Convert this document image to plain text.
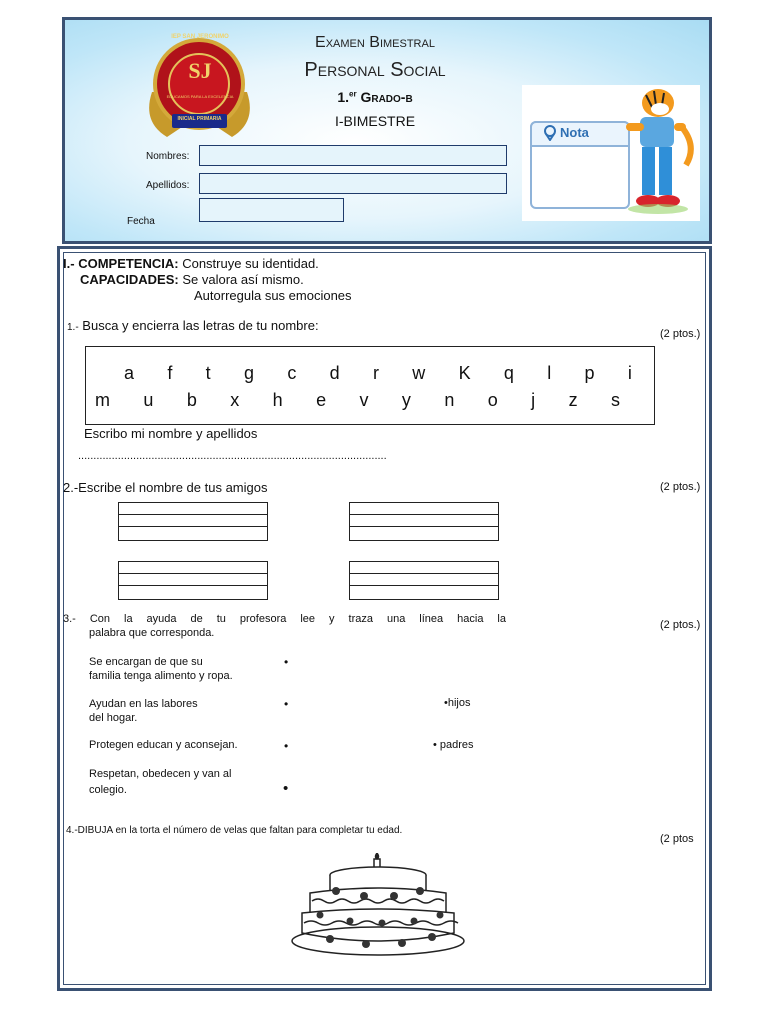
SJ
IEP SAN JERONIMO
EDUCAMOS PARA LA EXCELENCIA
INICIAL PRIMARIA
Examen Bimestral
Personal Social
1.$^{er}$ Grado-b
I-BIMESTRE
Nombres:
Apellidos:
Fecha
Nota
I.- COMPETENCIA: Construye su identidad.
CAPACIDADES: Se valora así mismo.
Autorregula sus emociones
1.- Busca y encierra las letras de tu nombre:
(2 ptos.)
a f t g c d r w K q l p i
m u b x h e v y n o j z s
Escribo mi nombre y apellidos
.....................................................................................................
2.-Escribe el nombre de tus amigos	(2 ptos.)
3.- Con la ayuda de tu profesora lee y traza una línea hacia la
palabra que corresponda.
(2 ptos.)
Se encargan de que su
familia tenga alimento y ropa.
Ayudan en las labores
del hogar.
Protegen educan y aconsejan.
Respetan, obedecen y van al
colegio.
•
•
•
•
•hijos
• padres
4.-DIBUJA en la torta el número de velas que faltan para completar tu edad.
(2 ptos
